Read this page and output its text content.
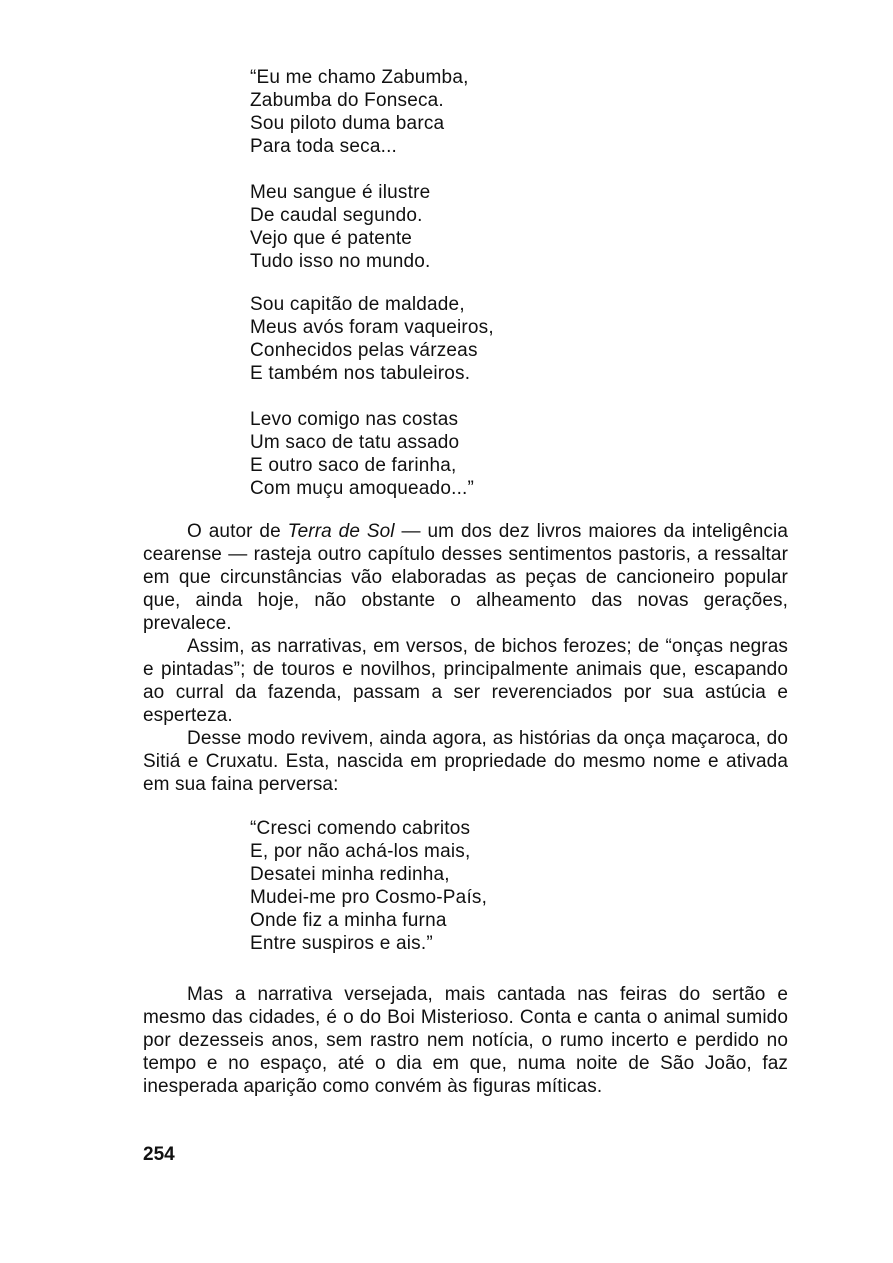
“Eu me chamo Zabumba,
Zabumba do Fonseca.
Sou piloto duma barca
Para toda seca...
Meu sangue é ilustre
De caudal segundo.
Vejo que é patente
Tudo isso no mundo.
Sou capitão de maldade,
Meus avós foram vaqueiros,
Conhecidos pelas várzeas
E também nos tabuleiros.
Levo comigo nas costas
Um saco de tatu assado
E outro saco de farinha,
Com muçu amoqueado...”

O autor de Terra de Sol — um dos dez livros maiores da inteligência cearense — rasteja outro capítulo desses sentimentos pastoris, a ressaltar em que circunstâncias vão elaboradas as peças de cancioneiro popular que, ainda hoje, não obstante o alheamento das novas gerações, prevalece.

Assim, as narrativas, em versos, de bichos ferozes; de “onças negras e pintadas”; de touros e novilhos, principalmente animais que, escapando ao curral da fazenda, passam a ser reverenciados por sua astúcia e esperteza.

Desse modo revivem, ainda agora, as histórias da onça maçaroca, do Sitiá e Cruxatu. Esta, nascida em propriedade do mesmo nome e ativada em sua faina perversa:

“Cresci comendo cabritos
E, por não achá-los mais,
Desatei minha redinha,
Mudei-me pro Cosmo-País,
Onde fiz a minha furna
Entre suspiros e ais.”

Mas a narrativa versejada, mais cantada nas feiras do sertão e mesmo das cidades, é o do Boi Misterioso. Conta e canta o animal sumido por dezesseis anos, sem rastro nem notícia, o rumo incerto e perdido no tempo e no espaço, até o dia em que, numa noite de São João, faz inesperada aparição como convém às figuras míticas.

254
